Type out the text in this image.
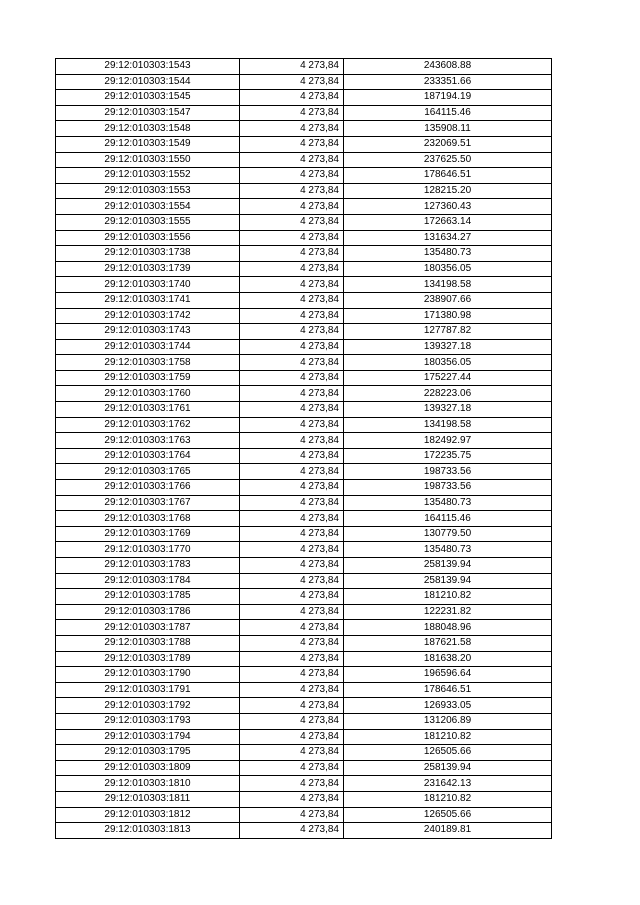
29:12:010303:1543	4 273,84	243608.88
29:12:010303:1544	4 273,84	233351.66
29:12:010303:1545	4 273,84	187194.19
29:12:010303:1547	4 273,84	164115.46
29:12:010303:1548	4 273,84	135908.11
29:12:010303:1549	4 273,84	232069.51
29:12:010303:1550	4 273,84	237625.50
29:12:010303:1552	4 273,84	178646.51
29:12:010303:1553	4 273,84	128215.20
29:12:010303:1554	4 273,84	127360.43
29:12:010303:1555	4 273,84	172663.14
29:12:010303:1556	4 273,84	131634.27
29:12:010303:1738	4 273,84	135480.73
29:12:010303:1739	4 273,84	180356.05
29:12:010303:1740	4 273,84	134198.58
29:12:010303:1741	4 273,84	238907.66
29:12:010303:1742	4 273,84	171380.98
29:12:010303:1743	4 273,84	127787.82
29:12:010303:1744	4 273,84	139327.18
29:12:010303:1758	4 273,84	180356.05
29:12:010303:1759	4 273,84	175227.44
29:12:010303:1760	4 273,84	228223.06
29:12:010303:1761	4 273,84	139327.18
29:12:010303:1762	4 273,84	134198.58
29:12:010303:1763	4 273,84	182492.97
29:12:010303:1764	4 273,84	172235.75
29:12:010303:1765	4 273,84	198733.56
29:12:010303:1766	4 273,84	198733.56
29:12:010303:1767	4 273,84	135480.73
29:12:010303:1768	4 273,84	164115.46
29:12:010303:1769	4 273,84	130779.50
29:12:010303:1770	4 273,84	135480.73
29:12:010303:1783	4 273,84	258139.94
29:12:010303:1784	4 273,84	258139.94
29:12:010303:1785	4 273,84	181210.82
29:12:010303:1786	4 273,84	122231.82
29:12:010303:1787	4 273,84	188048.96
29:12:010303:1788	4 273,84	187621.58
29:12:010303:1789	4 273,84	181638.20
29:12:010303:1790	4 273,84	196596.64
29:12:010303:1791	4 273,84	178646.51
29:12:010303:1792	4 273,84	126933.05
29:12:010303:1793	4 273,84	131206.89
29:12:010303:1794	4 273,84	181210.82
29:12:010303:1795	4 273,84	126505.66
29:12:010303:1809	4 273,84	258139.94
29:12:010303:1810	4 273,84	231642.13
29:12:010303:1811	4 273,84	181210.82
29:12:010303:1812	4 273,84	126505.66
29:12:010303:1813	4 273,84	240189.81
